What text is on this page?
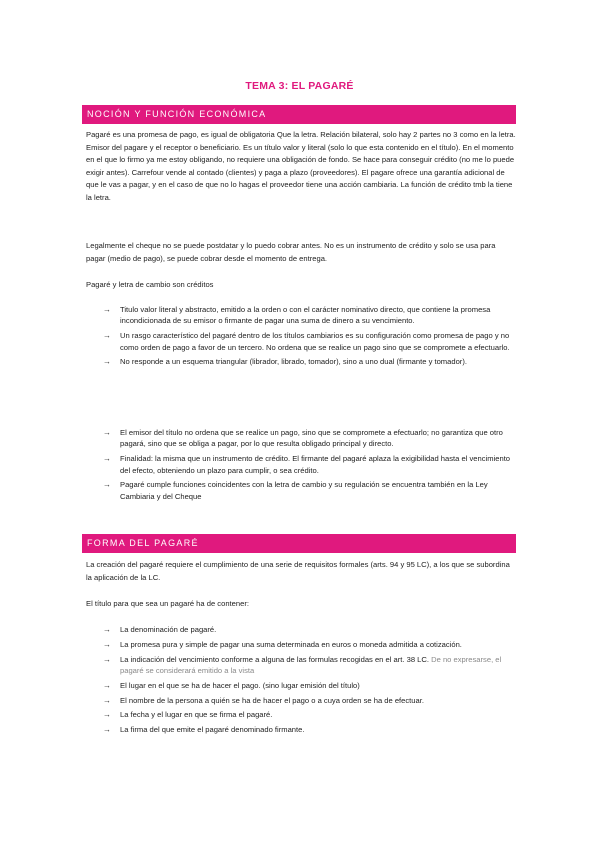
TEMA 3: EL PAGARÉ
NOCIÓN Y FUNCIÓN ECONÓMICA

Pagaré es una promesa de pago, es igual de obligatoria Que la letra. Relación bilateral, solo hay 2 partes no 3 como en la letra. Emisor del pagare y el receptor o beneficiario. Es un título valor y literal (solo lo que esta contenido en el título). En el momento en el que lo firmo ya me estoy obligando, no requiere una obligación de fondo. Se hace para conseguir crédito (no me lo puede exigir antes). Carrefour vende al contado (clientes) y paga a plazo (proveedores). El pagare ofrece una garantía adicional de que le vas a pagar, y en el caso de que no lo hagas el proveedor tiene una acción cambiaria. La función de crédito tmb la tiene la letra.

Legalmente el cheque no se puede postdatar y lo puedo cobrar antes. No es un instrumento de crédito y solo se usa para pagar (medio de pago), se puede cobrar desde el momento de entrega.

Pagaré y letra de cambio son créditos

→ Titulo valor literal y abstracto, emitido a la orden o con el carácter nominativo directo, que contiene la promesa incondicionada de su emisor o firmante de pagar una suma de dinero a su vencimiento.
→ Un rasgo característico del pagaré dentro de los títulos cambiarios es su configuración como promesa de pago y no como orden de pago a favor de un tercero. No ordena que se realice un pago sino que se compromete a efectuarlo.
→ No responde a un esquema triangular (librador, librado, tomador), sino a uno dual (firmante y tomador).
→ El emisor del título no ordena que se realice un pago, sino que se compromete a efectuarlo; no garantiza que otro pagará, sino que se obliga a pagar, por lo que resulta obligado principal y directo.
→ Finalidad: la misma que un instrumento de crédito. El firmante del pagaré aplaza la exigibilidad hasta el vencimiento del efecto, obteniendo un plazo para cumplir, o sea crédito.
→ Pagaré cumple funciones coincidentes con la letra de cambio y su regulación se encuentra también en la Ley Cambiaria y del Cheque
FORMA DEL PAGARÉ

La creación del pagaré requiere el cumplimiento de una serie de requisitos formales (arts. 94 y 95 LC), a los que se subordina la aplicación de la LC.

El título para que sea un pagaré ha de contener:

→ La denominación de pagaré.
→ La promesa pura y simple de pagar una suma determinada en euros o moneda admitida a cotización.
→ La indicación del vencimiento conforme a alguna de las formulas recogidas en el art. 38 LC. De no expresarse, el pagaré se considerará emitido a la vista
→ El lugar en el que se ha de hacer el pago. (sino lugar emisión del título)
→ El nombre de la persona a quién se ha de hacer el pago o a cuya orden se ha de efectuar.
→ La fecha y el lugar en que se firma el pagaré.
→ La firma del que emite el pagaré denominado firmante.
